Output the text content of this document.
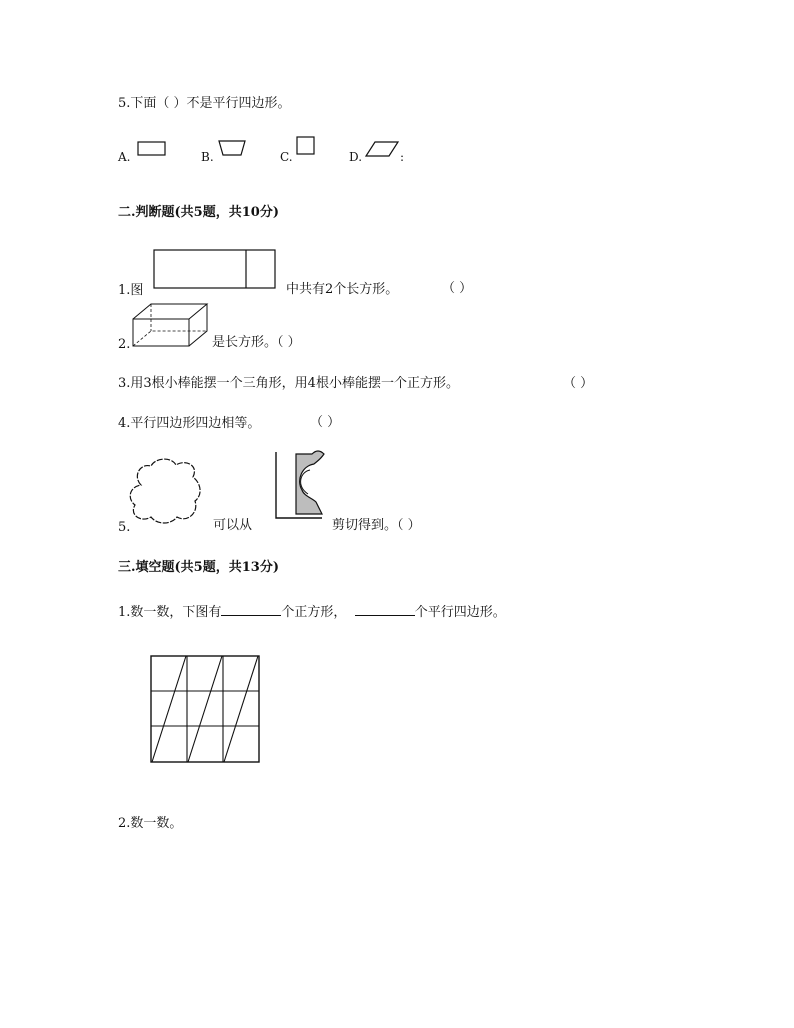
5.下面（ ）不是平行四边形。
A.	B.	C.	D.	:
二.判断题(共5题，共10分)
1.图	中共有2个长方形。	（ ）
2.	是长方形。（ ）
3.用3根小棒能摆一个三角形，用4根小棒能摆一个正方形。	（ ）
4.平行四边形四边相等。	（ ）
5.	可以从	剪切得到。（ ）
三.填空题(共5题，共13分)
1.数一数，下图有	个正方形，	个平行四边形。
2.数一数。
